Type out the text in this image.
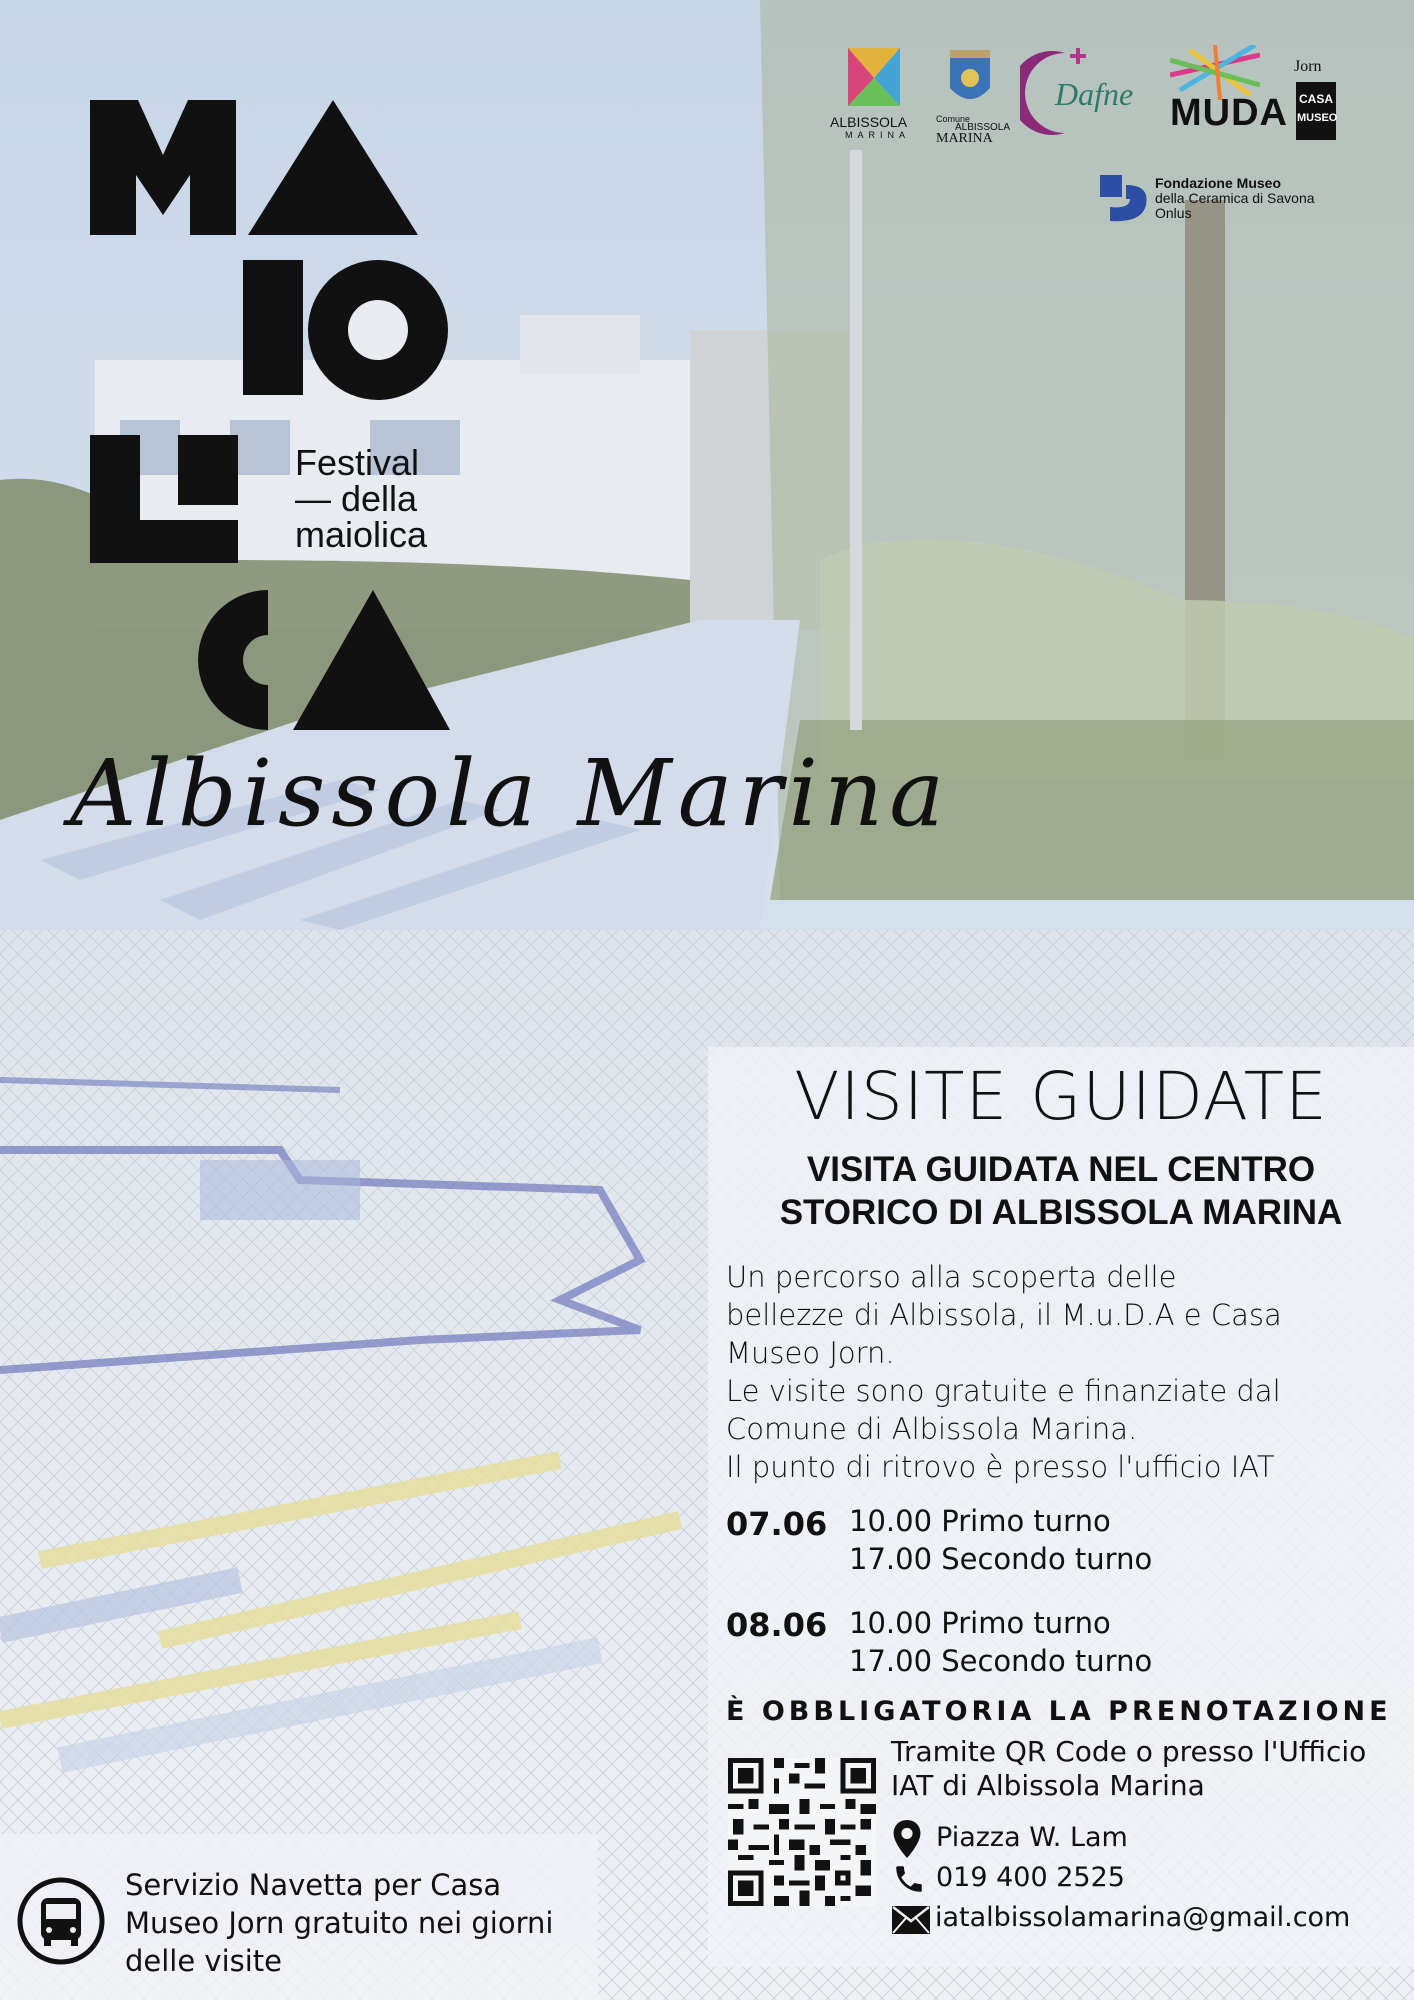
Festival
— della
maiolica
Albissola Marina
ALBISSOLA
MARINA
Comune
ALBISSOLA
MARINA
Dafne MUDA
Jorn
CASA
MUSEO
Fondazione Museo
della Ceramica di Savona
Onlus
VISITE GUIDATE
VISITA GUIDATA NEL CENTRO
STORICO DI ALBISSOLA MARINA
Un percorso alla scoperta delle
bellezze di Albissola, il M.u.D.A e Casa
Museo Jorn.
Le visite sono gratuite e finanziate dal
Comune di Albissola Marina.
Il punto di ritrovo è presso l'ufficio IAT
07.06 10.00 Primo turno
17.00 Secondo turno
08.06 10.00 Primo turno
17.00 Secondo turno
È OBBLIGATORIA LA PRENOTAZIONE
Tramite QR Code o presso l'Ufficio
IAT di Albissola Marina
Piazza W. Lam
019 400 2525
iatalbissolamarina@gmail.com
Servizio Navetta per Casa
Museo Jorn gratuito nei giorni
delle visite
